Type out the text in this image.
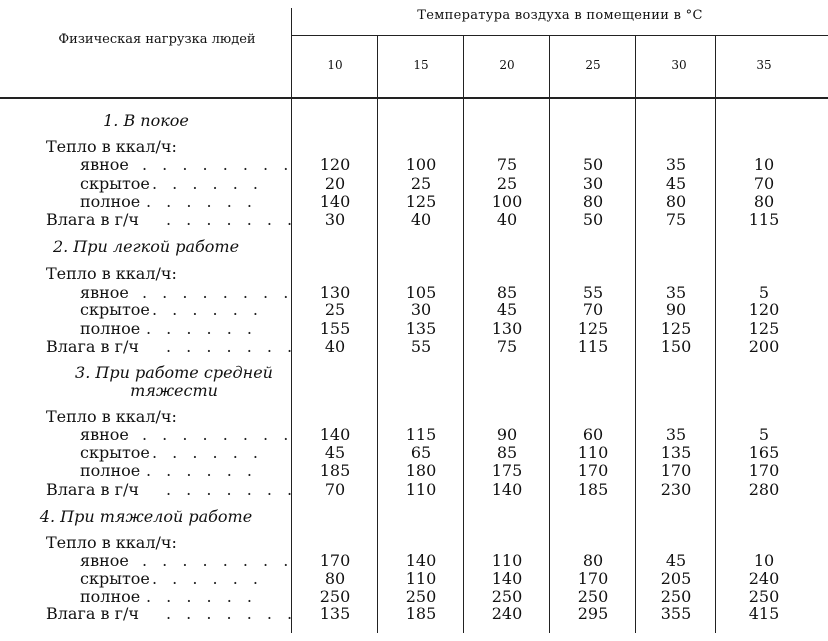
Физическая нагрузка людей
Температура воздуха в помещении в °С
10	15	20	25	30	35
1. В покое
Тепло в ккал/ч:
явное . . . . . . . .	120	100	75	50	35	10
скрытое . . . . . .	20	25	25	30	45	70
полное . . . . . .	140	125	100	80	80	80
Влага в г/ч . . . . . . .	30	40	40	50	75	115
2. При легкой работе
Тепло в ккал/ч:
явное . . . . . . . .	130	105	85	55	35	5
скрытое . . . . . .	25	30	45	70	90	120
полное . . . . . .	155	135	130	125	125	125
Влага в г/ч . . . . . . .	40	55	75	115	150	200
3. При работе средней тяжести
Тепло в ккал/ч:
явное . . . . . . . .	140	115	90	60	35	5
скрытое . . . . . .	45	65	85	110	135	165
полное . . . . . .	185	180	175	170	170	170
Влага в г/ч . . . . . . .	70	110	140	185	230	280
4. При тяжелой работе
Тепло в ккал/ч:
явное . . . . . . . .	170	140	110	80	45	10
скрытое . . . . . .	80	110	140	170	205	240
полное . . . . . .	250	250	250	250	250	250
Влага в г/ч . . . . . . .	135	185	240	295	355	415
